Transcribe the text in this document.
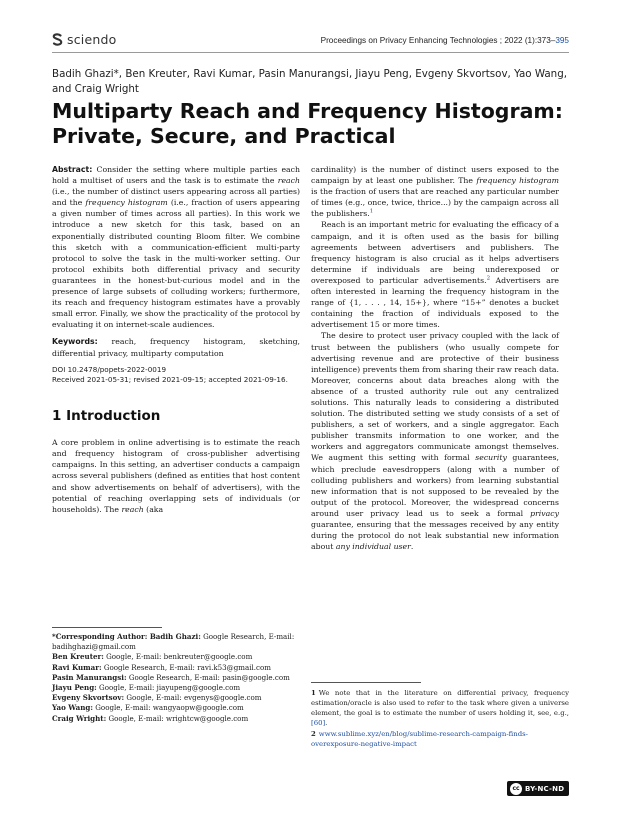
sciendo	Proceedings on Privacy Enhancing Technologies ; 2022 (1):373–395
Badih Ghazi*, Ben Kreuter, Ravi Kumar, Pasin Manurangsi, Jiayu Peng, Evgeny Skvortsov, Yao Wang, and Craig Wright
Multiparty Reach and Frequency Histogram: Private, Secure, and Practical

Abstract: Consider the setting where multiple parties each hold a multiset of users and the task is to estimate the reach (i.e., the number of distinct users appearing across all parties) and the frequency histogram (i.e., fraction of users appearing a given number of times across all parties). In this work we introduce a new sketch for this task, based on an exponentially distributed counting Bloom filter. We combine this sketch with a communication-efficient multi-party protocol to solve the task in the multi-worker setting. Our protocol exhibits both differential privacy and security guarantees in the honest-but-curious model and in the presence of large subsets of colluding workers; furthermore, its reach and frequency histogram estimates have a provably small error. Finally, we show the practicality of the protocol by evaluating it on internet-scale audiences.

Keywords: reach, frequency histogram, sketching, differential privacy, multiparty computation

DOI 10.2478/popets-2022-0019

Received 2021-05-31; revised 2021-09-15; accepted 2021-09-16.

1 Introduction

A core problem in online advertising is to estimate the reach and frequency histogram of cross-publisher advertising campaigns. In this setting, an advertiser conducts a campaign across several publishers (defined as entities that host content and show advertisements on behalf of advertisers), with the potential of reaching overlapping sets of individuals (or households). The reach (aka

*Corresponding Author: Badih Ghazi: Google Research, E-mail: badihghazi@gmail.com
Ben Kreuter: Google, E-mail: benkreuter@google.com
Ravi Kumar: Google Research, E-mail: ravi.k53@gmail.com
Pasin Manurangsi: Google Research, E-mail: pasin@google.com
Jiayu Peng: Google, E-mail: jiayupeng@google.com
Evgeny Skvortsov: Google, E-mail: evgenys@google.com
Yao Wang: Google, E-mail: wangyaopw@google.com
Craig Wright: Google, E-mail: wrightcw@google.com

cardinality) is the number of distinct users exposed to the campaign by at least one publisher. The frequency histogram is the fraction of users that are reached any particular number of times (e.g., once, twice, thrice...) by the campaign across all the publishers.$^1$

Reach is an important metric for evaluating the efficacy of a campaign, and it is often used as the basis for billing agreements between advertisers and publishers. The frequency histogram is also crucial as it helps advertisers determine if individuals are being underexposed or overexposed to particular advertisements.$^2$ Advertisers are often interested in learning the frequency histogram in the range of {1, . . . , 14, 15+}, where “15+” denotes a bucket containing the fraction of individuals exposed to the advertisement 15 or more times.

The desire to protect user privacy coupled with the lack of trust between the publishers (who usually compete for advertising revenue and are protective of their business intelligence) prevents them from sharing their raw reach data. Moreover, concerns about data breaches along with the absence of a trusted authority rule out any centralized solutions. This naturally leads to considering a distributed solution. The distributed setting we study consists of a set of publishers, a set of workers, and a single aggregator. Each publisher transmits information to one worker, and the workers and aggregators communicate amongst themselves. We augment this setting with formal security guarantees, which preclude eavesdroppers (along with a number of colluding publishers and workers) from learning substantial new information that is not supposed to be revealed by the output of the protocol. Moreover, the widespread concerns around user privacy lead us to seek a formal privacy guarantee, ensuring that the messages received by any entity during the protocol do not leak substantial new information about any individual user.

1 We note that in the literature on differential privacy, frequency estimation/oracle is also used to refer to the task where given a universe element, the goal is to estimate the number of users holding it, see, e.g., [60].

2 www.sublime.xyz/en/blog/sublime-research-campaign-finds-overexposure-negative-impact

cc BY-NC-ND
